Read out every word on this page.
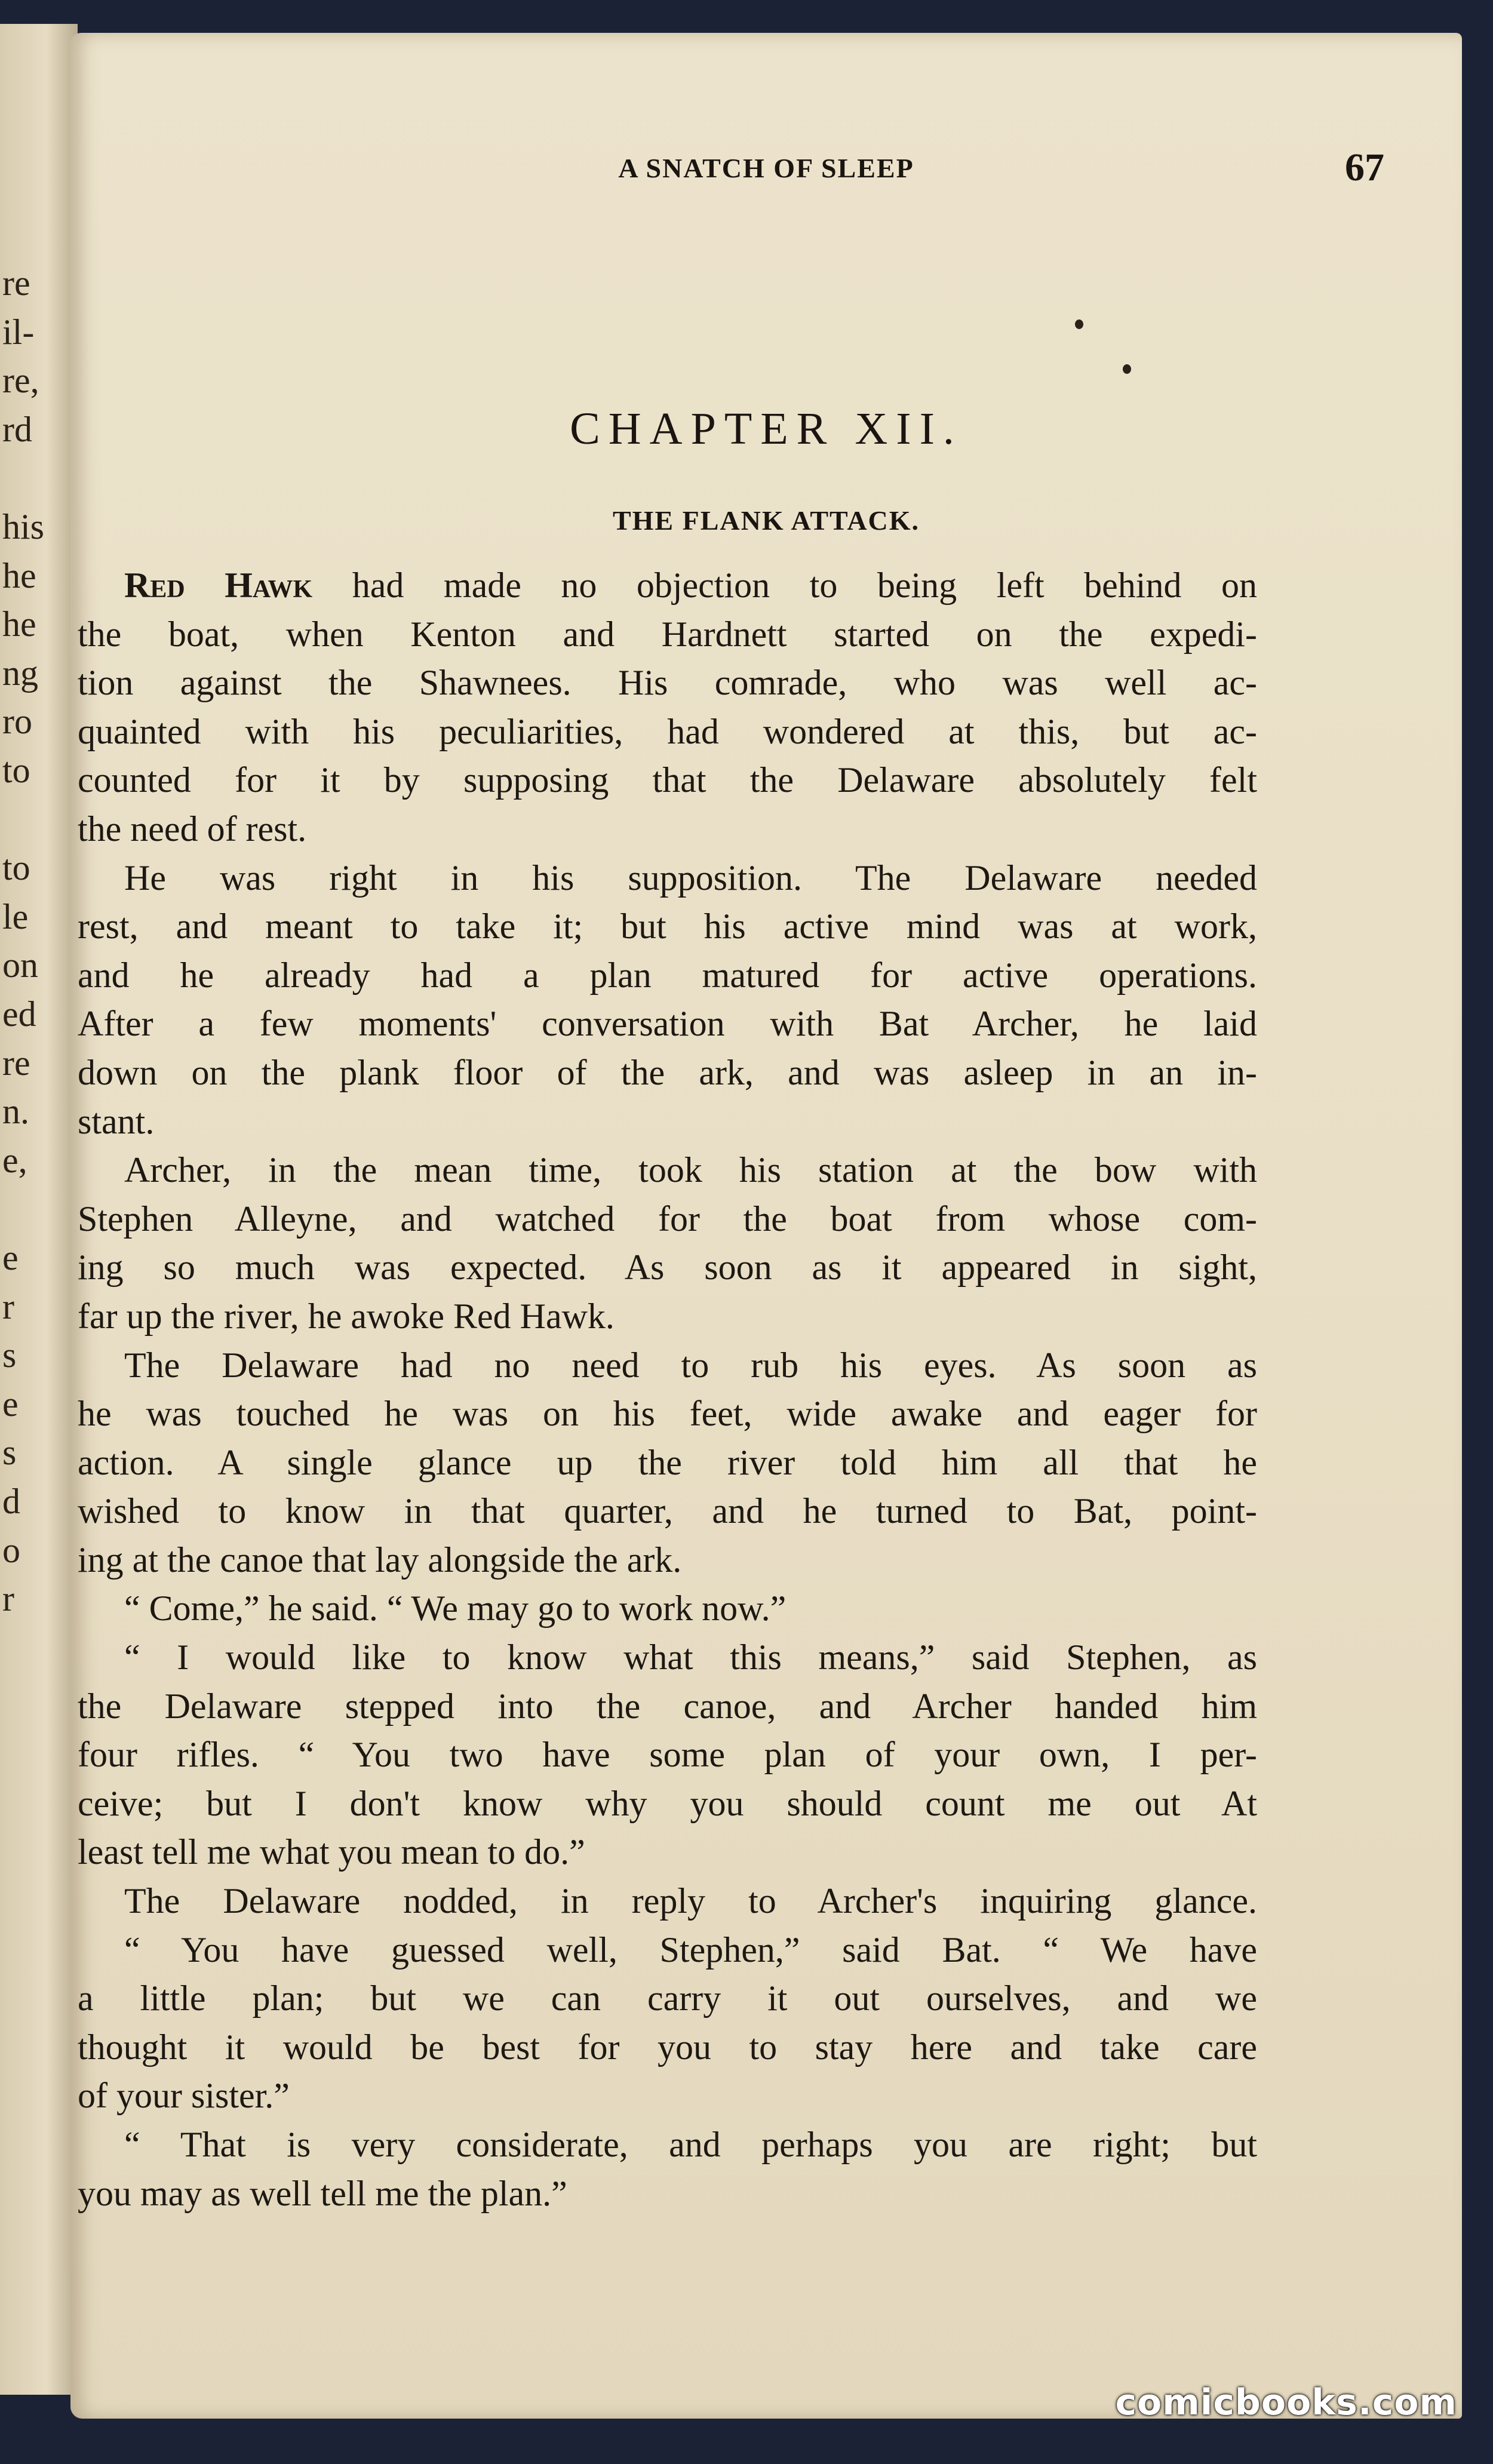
re
il-
re,
rd
his
he
he
ng
ro
to
to
le
on
ed
re
n.
e,
e
r
s
e
s
d
o
r
A SNATCH OF SLEEP	67
CHAPTER XII.
THE FLANK ATTACK.
Red Hawk had made no objection to being left behind on
the boat, when Kenton and Hardnett started on the expedi-
tion against the Shawnees. His comrade, who was well ac-
quainted with his peculiarities, had wondered at this, but ac-
counted for it by supposing that the Delaware absolutely felt
the need of rest.
He was right in his supposition. The Delaware needed
rest, and meant to take it; but his active mind was at work,
and he already had a plan matured for active operations.
After a few moments' conversation with Bat Archer, he laid
down on the plank floor of the ark, and was asleep in an in-
stant.
Archer, in the mean time, took his station at the bow with
Stephen Alleyne, and watched for the boat from whose com-
ing so much was expected. As soon as it appeared in sight,
far up the river, he awoke Red Hawk.
The Delaware had no need to rub his eyes. As soon as
he was touched he was on his feet, wide awake and eager for
action. A single glance up the river told him all that he
wished to know in that quarter, and he turned to Bat, point-
ing at the canoe that lay alongside the ark.
“ Come,” he said. “ We may go to work now.”
“ I would like to know what this means,” said Stephen, as
the Delaware stepped into the canoe, and Archer handed him
four rifles. “ You two have some plan of your own, I per-
ceive; but I don't know why you should count me out At
least tell me what you mean to do.”
The Delaware nodded, in reply to Archer's inquiring glance.
“ You have guessed well, Stephen,” said Bat. “ We have
a little plan; but we can carry it out ourselves, and we
thought it would be best for you to stay here and take care
of your sister.”
“ That is very considerate, and perhaps you are right; but
you may as well tell me the plan.”
comicbooks.com
